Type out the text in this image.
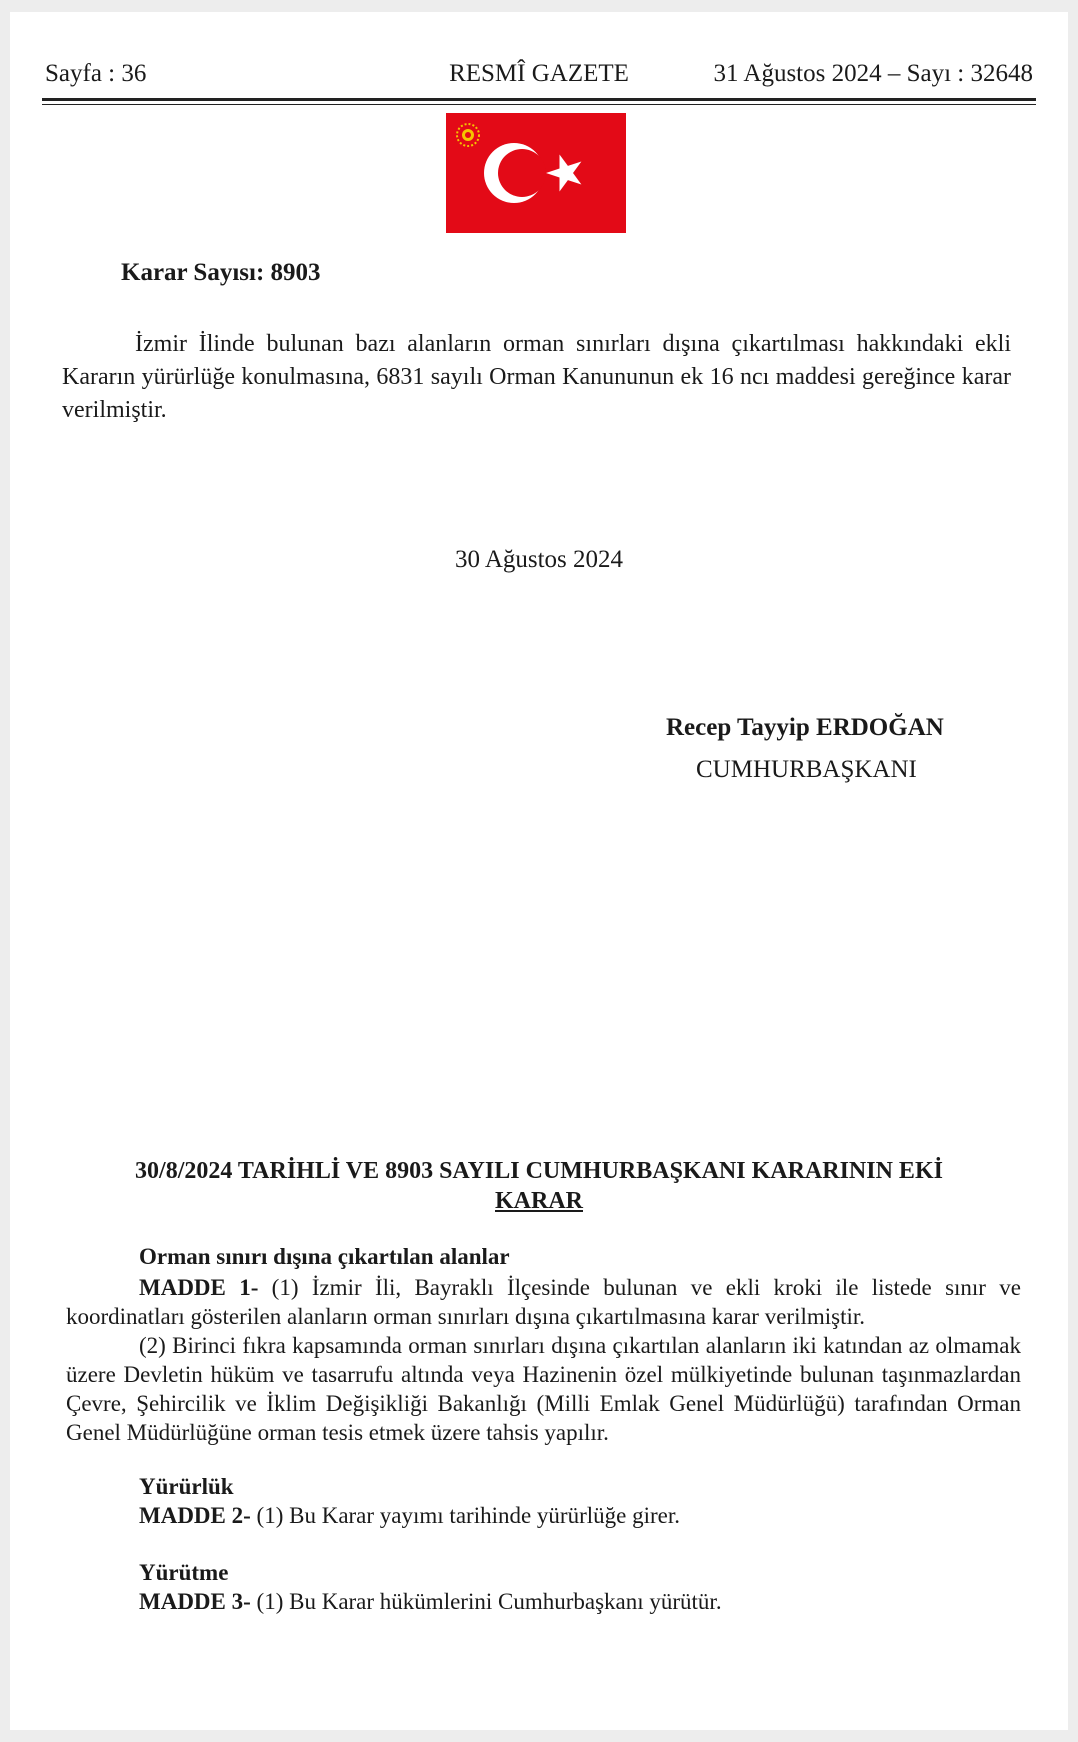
Sayfa : 36	RESMÎ GAZETE	31 Ağustos 2024 – Sayı : 32648
Karar Sayısı: 8903

İzmir İlinde bulunan bazı alanların orman sınırları dışına çıkartılması hakkındaki ekli Kararın yürürlüğe konulmasına, 6831 sayılı Orman Kanununun ek 16 ncı maddesi gereğince karar verilmiştir.

30 Ağustos 2024
Recep Tayyip ERDOĞAN
CUMHURBAŞKANI
30/8/2024 TARİHLİ VE 8903 SAYILI CUMHURBAŞKANI KARARININ EKİ
KARAR
Orman sınırı dışına çıkartılan alanlar

MADDE 1- (1) İzmir İli, Bayraklı İlçesinde bulunan ve ekli kroki ile listede sınır ve koordinatları gösterilen alanların orman sınırları dışına çıkartılmasına karar verilmiştir.

(2) Birinci fıkra kapsamında orman sınırları dışına çıkartılan alanların iki katından az olmamak üzere Devletin hüküm ve tasarrufu altında veya Hazinenin özel mülkiyetinde bulunan taşınmazlardan Çevre, Şehircilik ve İklim Değişikliği Bakanlığı (Milli Emlak Genel Müdürlüğü) tarafından Orman Genel Müdürlüğüne orman tesis etmek üzere tahsis yapılır.

Yürürlük
MADDE 2- (1) Bu Karar yayımı tarihinde yürürlüğe girer.
Yürütme
MADDE 3- (1) Bu Karar hükümlerini Cumhurbaşkanı yürütür.
